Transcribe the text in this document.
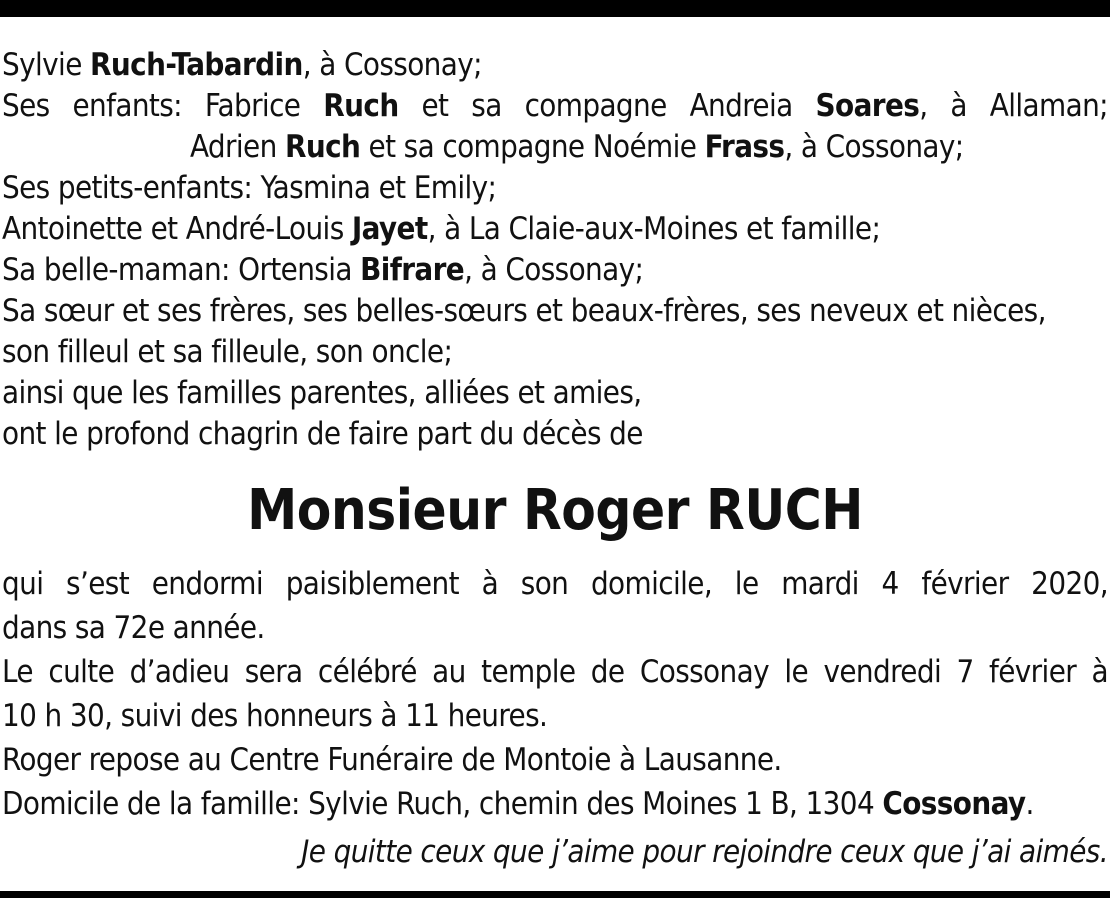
Sylvie Ruch-Tabardin, à Cossonay;
Ses enfants: Fabrice Ruch et sa compagne Andreia Soares, à Allaman;
Adrien Ruch et sa compagne Noémie Frass, à Cossonay;
Ses petits-enfants: Yasmina et Emily;
Antoinette et André-Louis Jayet, à La Claie-aux-Moines et famille;
Sa belle-maman: Ortensia Bifrare, à Cossonay;
Sa sœur et ses frères, ses belles-sœurs et beaux-frères, ses neveux et nièces,
son filleul et sa filleule, son oncle;
ainsi que les familles parentes, alliées et amies,
ont le profond chagrin de faire part du décès de
Monsieur Roger RUCH
qui s’est endormi paisiblement à son domicile, le mardi 4 février 2020,
dans sa 72e année.
Le culte d’adieu sera célébré au temple de Cossonay le vendredi 7 février à
10 h 30, suivi des honneurs à 11 heures.
Roger repose au Centre Funéraire de Montoie à Lausanne.
Domicile de la famille: Sylvie Ruch, chemin des Moines 1 B, 1304 Cossonay.
Je quitte ceux que j’aime pour rejoindre ceux que j’ai aimés.
